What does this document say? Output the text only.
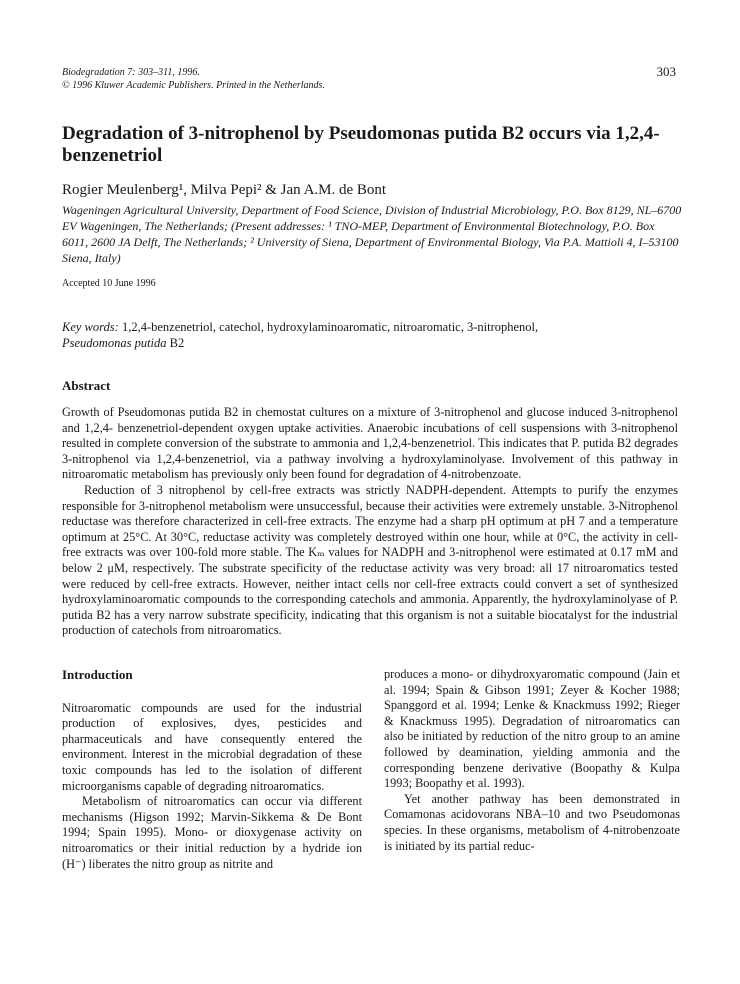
Biodegradation 7: 303–311, 1996.
© 1996 Kluwer Academic Publishers. Printed in the Netherlands.
303
Degradation of 3-nitrophenol by Pseudomonas putida B2 occurs via 1,2,4-benzenetriol
Rogier Meulenberg¹, Milva Pepi² & Jan A.M. de Bont
Wageningen Agricultural University, Department of Food Science, Division of Industrial Microbiology, P.O. Box 8129, NL–6700 EV Wageningen, The Netherlands; (Present addresses: ¹ TNO-MEP, Department of Environmental Biotechnology, P.O. Box 6011, 2600 JA Delft, The Netherlands; ² University of Siena, Department of Environmental Biology, Via P.A. Mattioli 4, I–53100 Siena, Italy)
Accepted 10 June 1996
Key words: 1,2,4-benzenetriol, catechol, hydroxylaminoaromatic, nitroaromatic, 3-nitrophenol,
Pseudomonas putida B2
Abstract

Growth of Pseudomonas putida B2 in chemostat cultures on a mixture of 3-nitrophenol and glucose induced 3-nitrophenol and 1,2,4- benzenetriol-dependent oxygen uptake activities. Anaerobic incubations of cell suspensions with 3-nitrophenol resulted in complete conversion of the substrate to ammonia and 1,2,4-benzenetriol. This indicates that P. putida B2 degrades 3-nitrophenol via 1,2,4-benzenetriol, via a pathway involving a hydroxylaminolyase. Involvement of this pathway in nitroaromatic metabolism has previously only been found for degradation of 4-nitrobenzoate.

Reduction of 3 nitrophenol by cell-free extracts was strictly NADPH-dependent. Attempts to purify the enzymes responsible for 3-nitrophenol metabolism were unsuccessful, because their activities were extremely unstable. 3-Nitrophenol reductase was therefore characterized in cell-free extracts. The enzyme had a sharp pH optimum at pH 7 and a temperature optimum at 25°C. At 30°C, reductase activity was completely destroyed within one hour, while at 0°C, the activity in cell-free extracts was over 100-fold more stable. The Kₘ values for NADPH and 3-nitrophenol were estimated at 0.17 mM and below 2 μM, respectively. The substrate specificity of the reductase activity was very broad: all 17 nitroaromatics tested were reduced by cell-free extracts. However, neither intact cells nor cell-free extracts could convert a set of synthesized hydroxylaminoaromatic compounds to the corresponding catechols and ammonia. Apparently, the hydroxylaminolyase of P. putida B2 has a very narrow substrate specificity, indicating that this organism is not a suitable biocatalyst for the industrial production of catechols from nitroaromatics.

Introduction

Nitroaromatic compounds are used for the industrial production of explosives, dyes, pesticides and pharmaceuticals and have consequently entered the environment. Interest in the microbial degradation of these toxic compounds has led to the isolation of different microorganisms capable of degrading nitroaromatics.

Metabolism of nitroaromatics can occur via different mechanisms (Higson 1992; Marvin-Sikkema & De Bont 1994; Spain 1995). Mono- or dioxygenase activity on nitroaromatics or their initial reduction by a hydride ion (H⁻) liberates the nitro group as nitrite and

produces a mono- or dihydroxyaromatic compound (Jain et al. 1994; Spain & Gibson 1991; Zeyer & Kocher 1988; Spanggord et al. 1994; Lenke & Knackmuss 1992; Rieger & Knackmuss 1995). Degradation of nitroaromatics can also be initiated by reduction of the nitro group to an amine followed by deamination, yielding ammonia and the corresponding benzene derivative (Boopathy & Kulpa 1993; Boopathy et al. 1993).

Yet another pathway has been demonstrated in Comamonas acidovorans NBA–10 and two Pseudomonas species. In these organisms, metabolism of 4-nitrobenzoate is initiated by its partial reduc-
